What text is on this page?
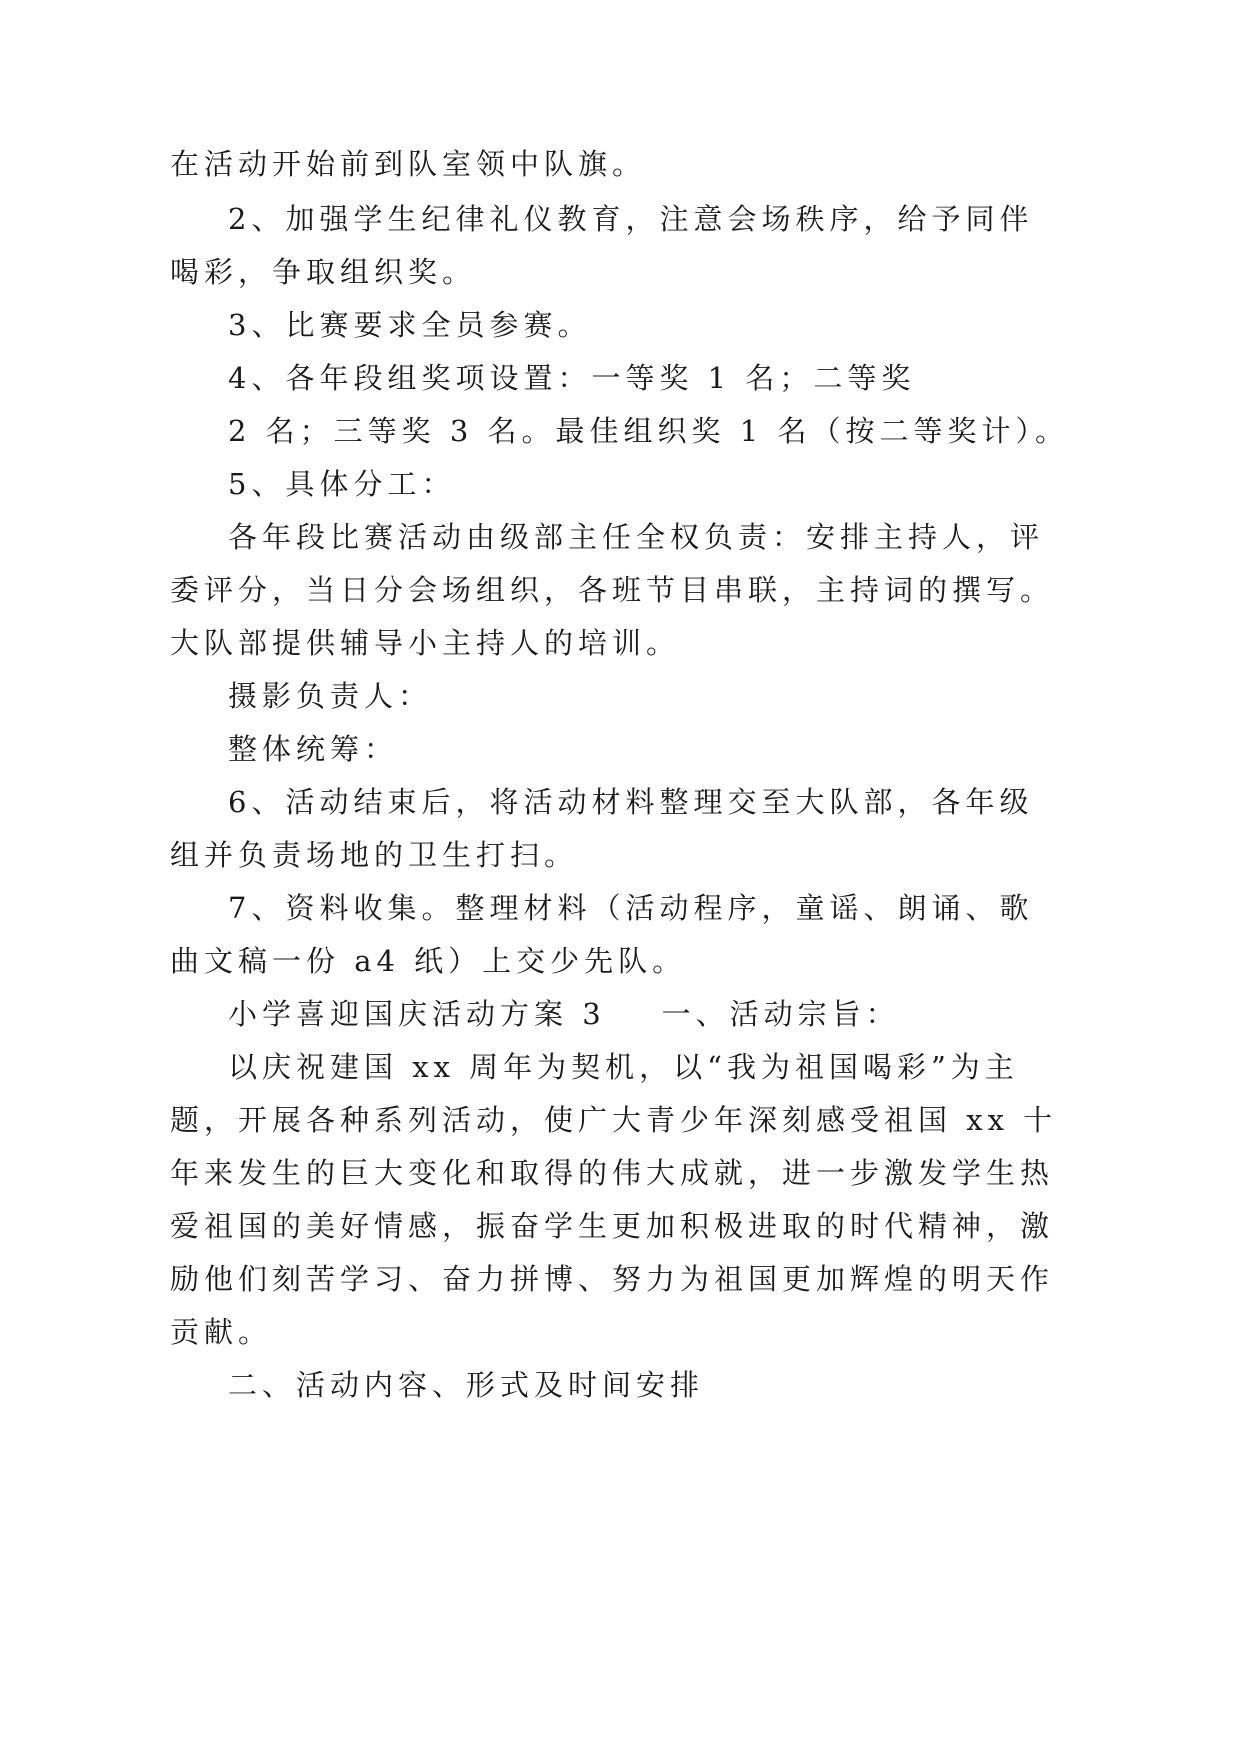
在活动开始前到队室领中队旗。
2、加强学生纪律礼仪教育，注意会场秩序，给予同伴
喝彩，争取组织奖。
3、比赛要求全员参赛。
4、各年段组奖项设置：一等奖 1 名；二等奖
2 名；三等奖 3 名。最佳组织奖 1 名（按二等奖计）。
5、具体分工：
各年段比赛活动由级部主任全权负责：安排主持人，评
委评分，当日分会场组织，各班节目串联，主持词的撰写。
大队部提供辅导小主持人的培训。
摄影负责人：
整体统筹：
6、活动结束后，将活动材料整理交至大队部，各年级
组并负责场地的卫生打扫。
7、资料收集。整理材料（活动程序，童谣、朗诵、歌
曲文稿一份 a4 纸）上交少先队。
小学喜迎国庆活动方案 3 一、活动宗旨：
以庆祝建国 xx 周年为契机，以“我为祖国喝彩”为主
题，开展各种系列活动，使广大青少年深刻感受祖国 xx 十
年来发生的巨大变化和取得的伟大成就，进一步激发学生热
爱祖国的美好情感，振奋学生更加积极进取的时代精神，激
励他们刻苦学习、奋力拼博、努力为祖国更加辉煌的明天作
贡献。
二、活动内容、形式及时间安排
